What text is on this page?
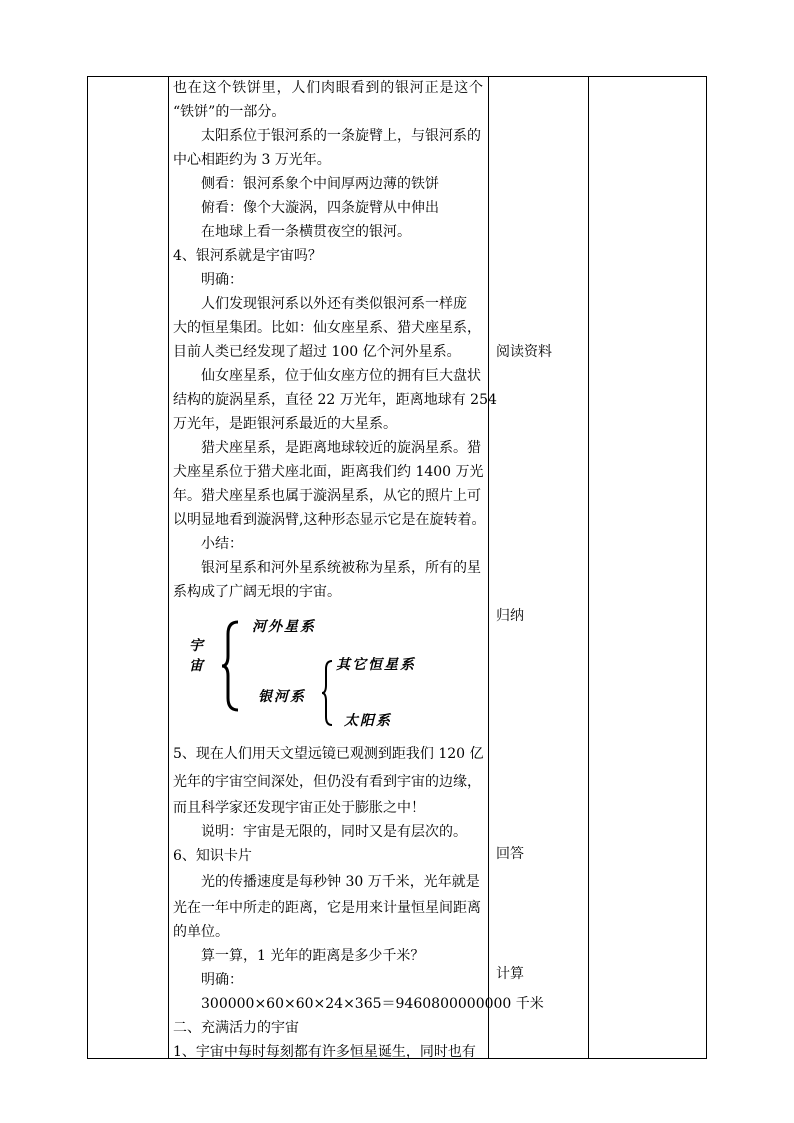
也在这个铁饼里，人们肉眼看到的银河正是这个
“铁饼”的一部分。
太阳系位于银河系的一条旋臂上，与银河系的
中心相距约为 3 万光年。
侧看：银河系象个中间厚两边薄的铁饼
俯看：像个大漩涡，四条旋臂从中伸出
在地球上看一条横贯夜空的银河。
4、银河系就是宇宙吗？
明确：
人们发现银河系以外还有类似银河系一样庞
大的恒星集团。比如：仙女座星系、猎犬座星系，
目前人类已经发现了超过 100 亿个河外星系。
仙女座星系，位于仙女座方位的拥有巨大盘状
结构的旋涡星系，直径 22 万光年，距离地球有 254
万光年，是距银河系最近的大星系。
猎犬座星系，是距离地球较近的旋涡星系。猎
犬座星系位于猎犬座北面，距离我们约 1400 万光
年。猎犬座星系也属于漩涡星系，从它的照片上可
以明显地看到漩涡臂,这种形态显示它是在旋转着。
小结：
银河星系和河外星系统被称为星系，所有的星
系构成了广阔无垠的宇宙。
5、现在人们用天文望远镜已观测到距我们 120 亿
光年的宇宙空间深处，但仍没有看到宇宙的边缘，
而且科学家还发现宇宙正处于膨胀之中！
说明：宇宙是无限的，同时又是有层次的。
6、知识卡片
光的传播速度是每秒钟 30 万千米，光年就是
光在一年中所走的距离，它是用来计量恒星间距离
的单位。
算一算，1 光年的距离是多少千米？
明确：
300000×60×60×24×365＝9460800000000 千米
二、充满活力的宇宙
1、宇宙中每时每刻都有许多恒星诞生，同时也有
宇宙
河外星系
银河系
其它恒星系
太阳系
阅读资料
归纳
回答
计算
